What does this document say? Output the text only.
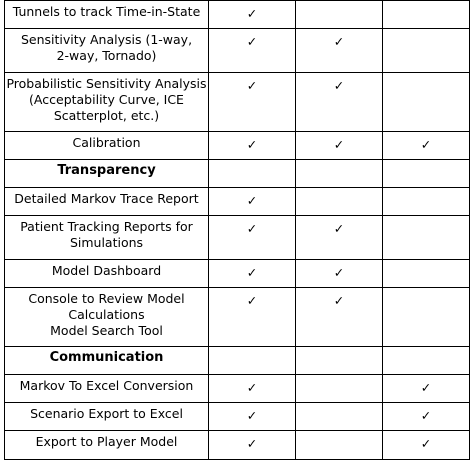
Tunnels to track Time-in-State	✓		
Sensitivity Analysis (1-way,
2-way, Tornado)	✓	✓	
Probabilistic Sensitivity Analysis
(Acceptability Curve, ICE
Scatterplot, etc.)	✓	✓	
Calibration	✓	✓	✓
Transparency			
Detailed Markov Trace Report	✓		
Patient Tracking Reports for
Simulations	✓	✓	
Model Dashboard	✓	✓	
Console to Review Model
Calculations
Model Search Tool	✓	✓	
Communication			
Markov To Excel Conversion	✓		✓
Scenario Export to Excel	✓		✓
Export to Player Model	✓		✓
